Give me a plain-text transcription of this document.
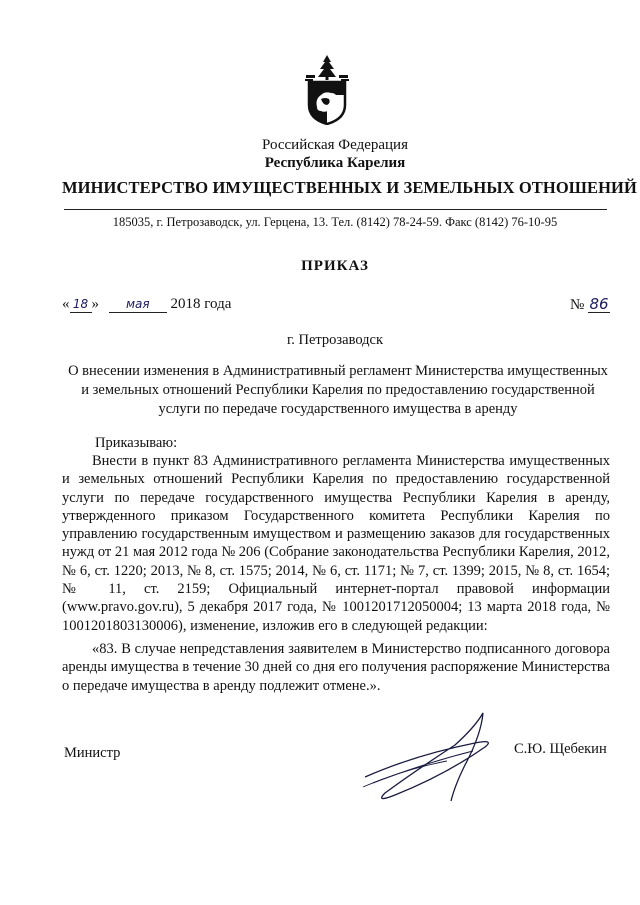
Российская Федерация
Республика Карелия
МИНИСТЕРСТВО ИМУЩЕСТВЕННЫХ И ЗЕМЕЛЬНЫХ ОТНОШЕНИЙ
185035, г. Петрозаводск, ул. Герцена, 13. Тел. (8142) 78-24-59. Факс (8142) 76-10-95
ПРИКАЗ
« 18 » мая 2018 года	№ 86
г. Петрозаводск
О внесении изменения в Административный регламент Министерства имущественных и земельных отношений Республики Карелия по предоставлению государственной услуги по передаче государственного имущества в аренду
Приказываю:
Внести в пункт 83 Административного регламента Министерства имущественных и земельных отношений Республики Карелия по предоставлению государственной услуги по передаче государственного имущества Республики Карелия в аренду, утвержденного приказом Государственного комитета Республики Карелия по управлению государственным имуществом и размещению заказов для государственных нужд от 21 мая 2012 года № 206 (Собрание законодательства Республики Карелия, 2012, № 6, ст. 1220; 2013, № 8, ст. 1575; 2014, № 6, ст. 1171; № 7, ст. 1399; 2015, № 8, ст. 1654; № 11, ст. 2159; Официальный интернет-портал правовой информации (www.pravo.gov.ru), 5 декабря 2017 года, № 1001201712050004; 13 марта 2018 года, № 1001201803130006), изменение, изложив его в следующей редакции:
«83. В случае непредставления заявителем в Министерство подписанного договора аренды имущества в течение 30 дней со дня его получения распоряжение Министерства о передаче имущества в аренду подлежит отмене.».
Министр	С.Ю. Щебекин
